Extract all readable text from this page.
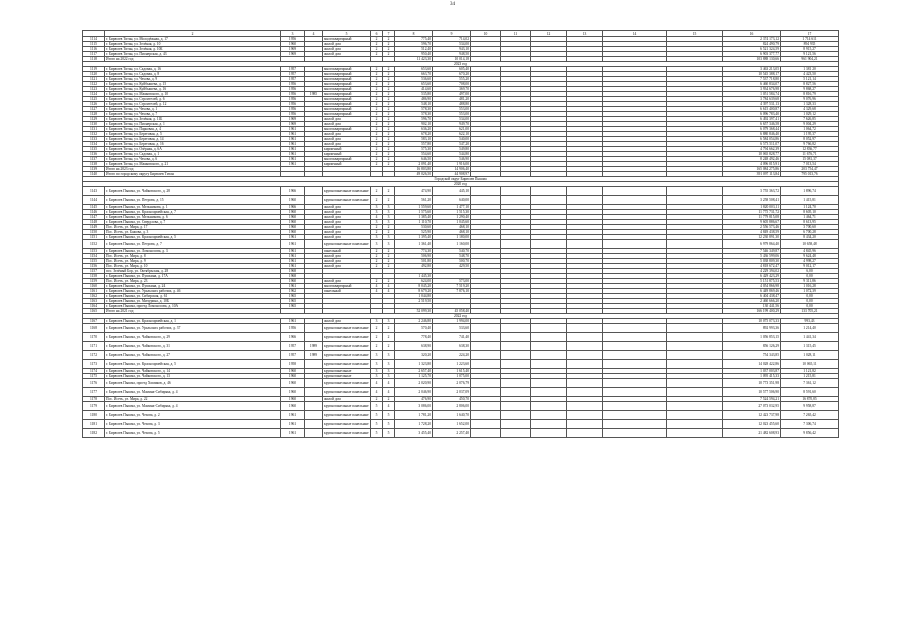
34
	2	3	4	5	6	7	8	9	10	11	12	13	14	15	16	17
1114	г. Бирюлев Титан, ул. Молодёжная, д. 17	1956		многоквартирный	2	2	775,40	714,02							2 374 173,12	1 714 611
1115	г. Бирюлев Титан, ул. Зелёная, д. 10	1960		жилой дом	2	2	596,70	534,00							824 490,79	894 935
1116	г. Бирюлев Титан, ул. Зелёная, д. 10Б	1969		жилой дом	2	2	512,40	943,10							6 521 324,59	8 915,27
1117	г. Бирюлев Титан, ул. Пионерская, д. 43	1969		жилой дом	2	2	950,40	948,50							6 903 377,77	9 121,56
1118	Итого на 2022 год						11 423,30	10 014,18							103 888 130,66	961 904,21
2023 год																
1119	г. Бирюлев Титан, ул. Садовая, д. 16	1957		многоквартирный	2	2	653,60	605,40							3 463 213,05	1 381 20
1120	г. Бирюлев Титан, ул. Садовая, д. 8	1957		многоквартирный	2	2	663,70	670,20							10 545 388,17	4 423,50
1121	г. Бирюлев Титан, ул. Чехова, д. 9	1957		многоквартирный	2	2	536,60	555,20							7 537 718,80	5 121,14
1122	г. Бирюлев Титан, ул. Куйбышева, д. 15	1956		многоквартирный	2	2	653,60	708,00							6 460 834,07	8 827,56
1123	г. Бирюлев Титан, ул. Куйбышева, д. 16	1956		многоквартирный	2	2	414,60	369,70							3 934 676,98	9 868,27
1124	г. Бирюлев Титан, ул. Маяковского, д. 10	1956	1985	многоквартирный	2	2	535,80	497,00							1 051 584,74	8 816,79
1125	г. Бирюлев Титан, ул. Строителей, д. 6	1956		многоквартирный	2	2	486,90	481,20							3 784 639,68	9 076,96
1126	г. Бирюлев Титан, ул. Строителей, д. 12	1956		многоквартирный	2	2	548,10	488,80							4 397 531,13	1 328,33
1127	г. Бирюлев Титан, ул. Чехова, д. 1	1956		многоквартирный	2	2	578,30	553,00							6 615 400,87	4 329,68
1128	г. Бирюлев Титан, ул. Чехова, д. 7	1956		многоквартирный	2	2	578,30	553,00							6 096 783,40	1 029,12
1129	г. Бирюлев Титан, ул. Зелёная, д. 11Б	1969		жилой дом	2	2	596,70	534,00							6 492 397,41	7 626,85
1130	г. Бирюлев Титан, ул. Пионерская, д. 1	1969		жилой дом	2	2	902,10	949,70							6 657 346,58	9 004,29
1131	г. Бирюлев Титан, ул. Парковая, д. 4	1961		многоквартирный	2	2	636,20	621,00							6 079 368,44	1 064,72
1132	г. Бирюлев Титан, ул. Береговая, д. 5	1961		жилой дом	2	2	678,20	622,10							6 880 846,40	1 195,37
1133	г. Бирюлев Титан, ул. Береговая, д. 14	1961		жилой дом	2	2	583,10	540,00							6 584 054,86	8 052,97
1134	г. Бирюлев Титан, ул. Береговая, д. 16	1961		жилой дом	2	2	557,80	547,20							6 573 511,07	9 766,82
1135	г. Бирюлев Титан, ул. Озёрная, д. 6А	1961		кирпичный	2	2	575,30	549,80							4 794 662,39	12 836,77
1136	г. Бирюлев Титан, ул. Садовая, д. 1	1961		кирпичный	2	2	554,60	544,80							10 065 828,77	11 676,71
1137	г. Бирюлев Титан, ул. Чехова, д. 6	1961		многоквартирный	2	2	646,50	546,90							8 248 492,46	15 081,37
1138	г. Бирюлев Титан, ул. Маяковского, д. 21	1961		кирпичный	2	2	2 091,40	1 916,00							4 096 015,91	7 013,54
1139	Итого на 2023 год						16 803,80	14 906,40							165 084 275,86	203 754,47
1140	Итого по городскому округу Бирюлев Титан						49 026,50	44 908,97							391 097 113,84	795 013,76
Городской округ Бирюлев Пышма																
2020 год																
1143	г. Бирюлев Пышма, ул. Чайковского, д. 28	1966		крупнопанельные панельные	2	2	474,90	445,10							3 755 363,72	1 896,74
1144	г. Бирюлев Пышма, ул. Петрова, д. 15	1960		крупнопанельные панельные	2	2	561,20	640,00							3 258 508,41	1 415,81
1145	г. Бирюлев Пышма, ул. Мельникова, д. 1	1966		жилой дом	3	3	1 559,60	1 477,10							1 820 003,11	1 124,70
1146	г. Бирюлев Пышма, ул. Красноармейская, д. 7	1960		жилой дом	3	3	1 575,60	1 515,30							11 775 731,72	8 605,10
1147	г. Бирюлев Пышма, ул. Мельникова, д. 6	1960		жилой дом	4	3	1 385,40	1 290,40							11 779 815,08	1 464,71
1148	г. Бирюлев Пышма, ул. Свердлова, д. 7	1960		жилой дом	3	3	1 110,70	1 045,60							9 605 886,67	8 613,95
1149	Пос. Исеть, ул. Мира, д. 17	1960		жилой дом	2	2	530,60	468,10							2 556 573,46	3 700,60
1150	Пос. Исеть, ул. Бажова, д. 3	1960		жилой дом	2	2	525,90	468,10							4 849 438,59	6 700,28
1151	г. Бирюлев Пышма, ул. Красноармейская, д. 5	1961		жилой дом	3	3	1 395,40	1 180,00							12 230 891,30	8 434,20
1152	г. Бирюлев Пышма, ул. Петрова, д. 7	1961		крупнопанельные панельные	3	3	1 361,40	1 160,00							6 979 864,40	10 658,48
1153	г. Бирюлев Пышма, ул. Ломоносова, д. 3	1961		панельный	2	2	774,30	540,70							7 546 349,87	4 845,96
1154	Пос. Исеть, ул. Мира, д. 8	1961		жилой дом	2	2	506,90	548,70							5 436 599,06	9 624,48
1155	Пос. Исеть, ул. Мира, д. 9	1961		жилой дом	2	2	501,80	500,70							5 038 809,30	4 998,27
1156	Пос. Исеть, ул. Мира, д. 10	1961		жилой дом	2	2	492,80	429,50							4 818 672,47	9 012,17
1157	пос. Зелёный Бор, ул. Октябрьская, д. 28	1968													4 229 394,02	6,00
1158	г. Бирюлев Пышма, ул. Пушкина, д. 17А	1968					1 445,30								6 429 423,29	0,00
1159	Пос. Исеть, ул. Мира, д. 23	1960		жилой дом	2	2	624,00	573,00							5 151 875,53	9 311,86
1160	г. Бирюлев Пышма, ул. Пушкина, д. 24	1961		многоквартирный	4	4	8 045,20	7 519,20							4 054 866,98	1 016,28
1161	г. Бирюлев Пышма, ул. Уральских рабочих, д. 46	1962		панельный	4	4	8 679,20	7 876,10							6 449 869,46	1 072,39
1162	г. Бирюлев Пышма, ул. Сибирская, д. 61	1965					1 044,80								6 404 438,47	0,00
1163	г. Бирюлев Пышма, ул. Мичурина, д. 10Б	1965					2 519,50								2 460 666,20	0,00
1164	г. Бирюлев Пышма, проезд Ломоносова, д. 10А	1965													130 441,56	0,00
1165	Итого на 2021 год						52 099,30	45 058,40							166 199 400,29	133 705,21
2022 год																
1167	г. Бирюлев Пышма, ул. Красноармейская, д. 1	1961		жилой дом	3	3	2 246,80	1 994,00							10 075 073,33	993,43
1168	г. Бирюлев Пышма, ул. Уральских рабочих, д. 37	1956		крупнопанельные панельные	2	2	570,40	533,60							892 993,36	1 214,40
1170	г. Бирюлев Пышма, ул. Чайковского, д. 29	1966		крупнопанельные панельные	2	2	778,40	741,40							1 056 853,15	1 441,34
1171	г. Бирюлев Пышма, ул. Чайковского, д. 31	1957	1989	крупнопанельные панельные	2	2	638,90	638,30							856 126,29	1 315,45
1172	г. Бирюлев Пышма, ул. Чайковского, д. 27	1957	1989	крупнопанельные панельные	3	3	320,20	224,20							754 343,85	1 028,11
1173	г. Бирюлев Пышма, ул. Красноармейская, д. 5	1958		крупнопанельные панельные	3	3	1 323,80	1 223,60							14 028 422,86	10 065,11
1174	г. Бирюлев Пышма, ул. Чайковского, д. 14	1960		крупнопанельные	3	3	2 657,40	1 615,40							1 037 003,87	1 121,82
1175	г. Бирюлев Пышма, ул. Чайковского, д. 13	1960		крупнопанельные	3	3	1 125,70	1 075,00							1 095 415,33	1 215,81
1176	г. Бирюлев Пышма, проезд Химиков, д. 46	1960		крупнопанельные панельные	4	4	2 020,90	2 076,79							10 773 351,98	7 361,12
1177	г. Бирюлев Пышма, ул. Мамина-Сибиряка, д. 4	1960		крупнопанельные панельные	4	4	2 046,90	2 037,09							10 577 506,90	8 591,60
1178	Пос. Исеть, ул. Мира, д. 22	1960		жилой дом	2	2	476,90	450,70							7 524 594,21	16 870,85
1179	г. Бирюлев Пышма, ул. Мамина-Сибиряка, д. 4	1960		крупнопанельные панельные	5	4	3 086,00	2 806,00							27 073 032,95	9 958,87
1180	г. Бирюлев Пышма, ул. Чехова, д. 2	1961		крупнопанельные панельные	5	5	1 781,20	1 640,70							12 423 737,98	7 265,42
1181	г. Бирюлев Пышма, ул. Чехова, д. 3	1961		крупнопанельные панельные	5	5	1 728,20	1 652,00							12 023 455,60	7 306,74
1182	г. Бирюлев Пышма, ул. Чехова, д. 5	1961		крупнопанельные панельные	5	5	3 455,40	2 257,40							21 482 608,93	9 856,42
